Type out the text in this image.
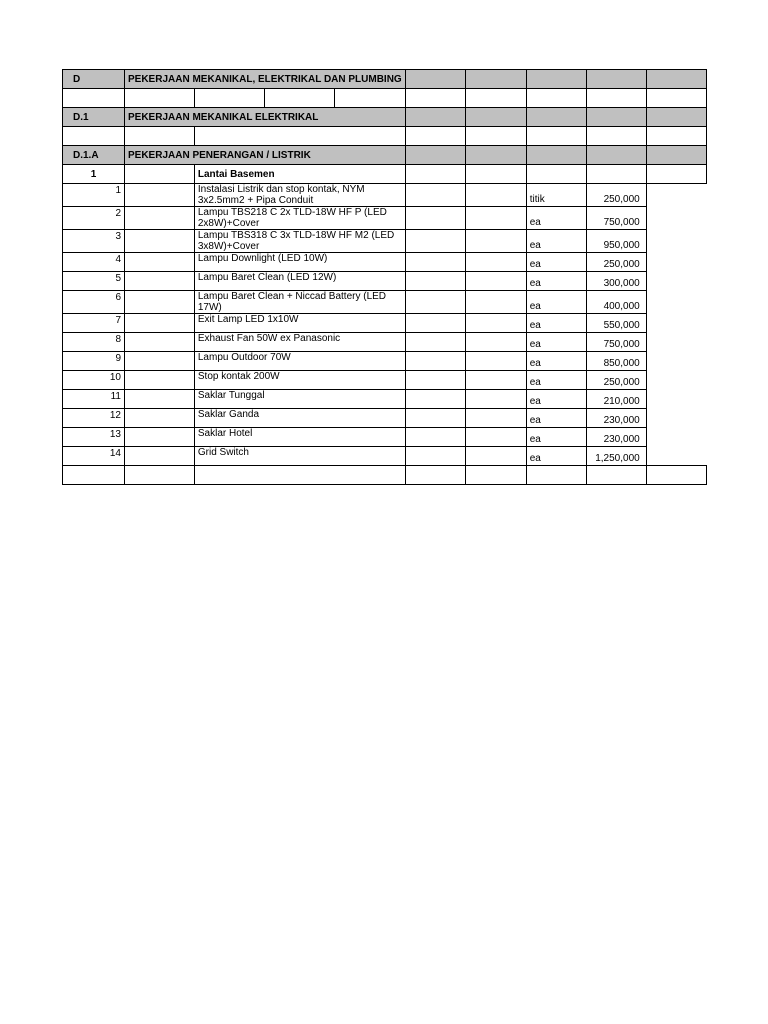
D	PEKERJAAN MEKANIKAL, ELEKTRIKAL DAN PLUMBING						

D.1	PEKERJAAN MEKANIKAL ELEKTRIKAL						

D.1.A	PEKERJAAN PENERANGAN / LISTRIK						
1		Lantai Basemen					
1		Instalasi Listrik dan stop kontak, NYM 3x2.5mm2 + Pipa Conduit			titik	250,000	
2		Lampu TBS218 C 2x TLD-18W HF P (LED 2x8W)+Cover			ea	750,000	
3		Lampu TBS318 C 3x TLD-18W HF M2 (LED 3x8W)+Cover			ea	950,000	
4		Lampu Downlight (LED 10W)			ea	250,000	
5		Lampu Baret Clean (LED 12W)			ea	300,000	
6		Lampu Baret Clean + Niccad Battery (LED 17W)			ea	400,000	
7		Exit Lamp LED 1x10W			ea	550,000	
8		Exhaust Fan 50W ex Panasonic			ea	750,000	
9		Lampu Outdoor 70W			ea	850,000	
10		Stop kontak 200W			ea	250,000	
11		Saklar Tunggal			ea	210,000	
12		Saklar Ganda			ea	230,000	
13		Saklar Hotel			ea	230,000	
14		Grid Switch			ea	1,250,000	
